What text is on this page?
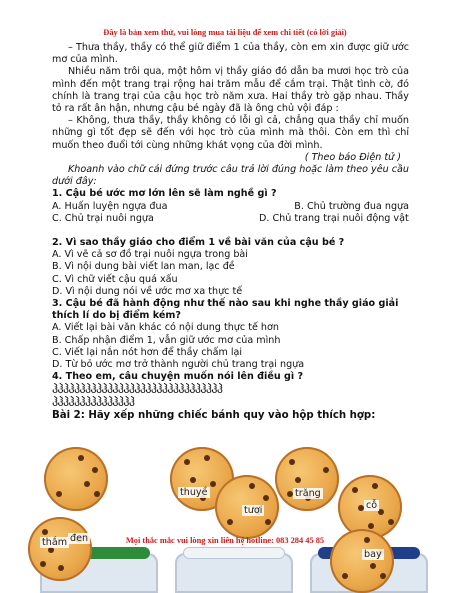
Đây là bản xem thử, vui lòng mua tài liệu để xem chi tiết (có lời giải)

– Thưa thầy, thầy có thể giữ điểm 1 của thầy, còn em xin được giữ ước mơ của mình.

Nhiều năm trôi qua, một hôm vị thầy giáo đó dẫn ba mươi học trò của mình đến một trang trại rộng hai trăm mẫu để cắm trại. Thật tình cờ, đó chính là trang trại của cậu học trò năm xưa. Hai thầy trò gặp nhau. Thầy tỏ ra rất ân hận, nhưng cậu bé ngày đã là ông chủ vội đáp :

– Không, thưa thầy, thầy không có lỗi gì cả, chẳng qua thầy chỉ muốn những gì tốt đẹp sẽ đến với học trò của mình mà thôi. Còn em thì chỉ muốn theo đuổi tới cùng những khát vọng của đời mình.

( Theo báo Điện tử )

Khoanh vào chữ cái đứng trước câu trả lời đúng hoặc làm theo yêu cầu dưới đây:

1. Cậu bé ước mơ lớn lên sẽ làm nghề gì ?

A. Huấn luyện ngựa đua	B. Chủ trường đua ngựa
C. Chủ trại nuôi ngựa	D. Chủ trang trại nuôi động vật

2. Vì sao thầy giáo cho điểm 1 về bài văn của cậu bé ?

A. Vì vẽ cả sơ đồ trại nuôi ngựa trong bài

B. Vì nội dung bài viết lan man, lạc đề

C. Vì chữ viết cậu quá xấu

D. Vì nội dung nói về ước mơ xa thực tế

3. Cậu bé đã hành động như thế nào sau khi nghe thầy giáo giải thích lí do bị điểm kém?

A. Viết lại bài văn khác có nội dung thực tế hơn

B. Chấp nhận điểm 1, vẫn giữ ước mơ của mình

C. Viết lại nắn nót hơn để thầy chấm lại

D. Từ bỏ ước mơ trở thành người chủ trang trại ngựa

4. Theo em, câu chuyện muốn nói lên điều gì ?

ჰჰჰჰჰჰჰჰჰჰჰჰჰჰჰჰჰჰჰჰჰჰჰჰჰჰჰჰჰჰჰ

ჰჰჰჰჰჰჰჰჰჰჰჰჰჰჰ

Bài 2: Hãy xếp những chiếc bánh quy vào hộp thích hợp:

thuyề	trăng
tươi	cỗ
thắm đen
bay
Mọi thắc mắc vui lòng xin liên hệ hotline: 083 284 45 85
